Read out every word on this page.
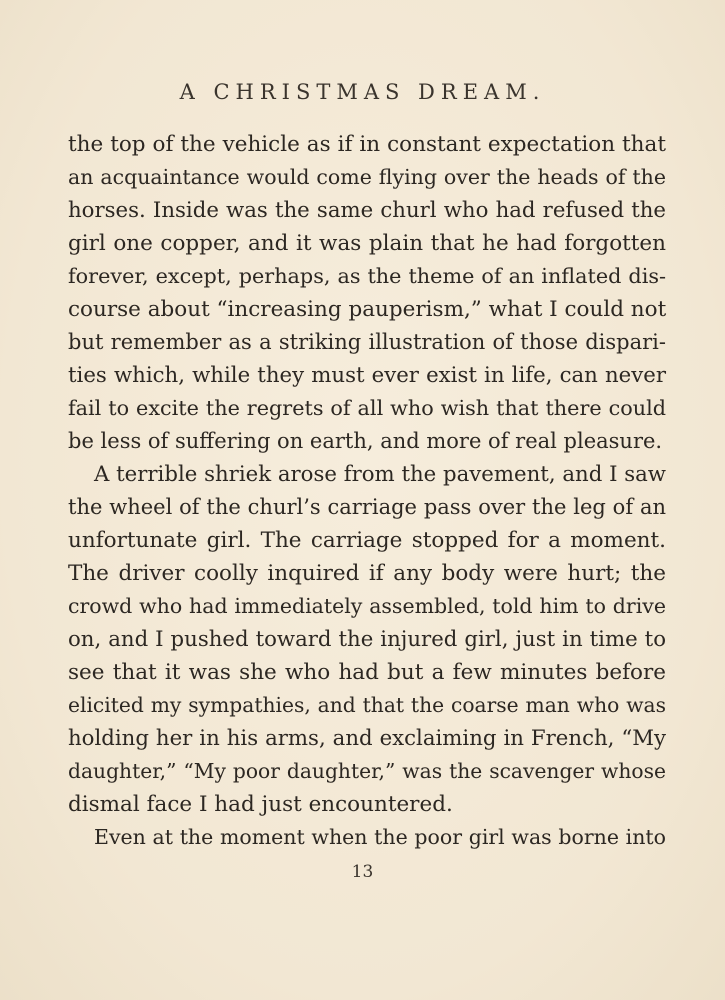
A CHRISTMAS DREAM.
the top of the vehicle as if in constant expectation that
an acquaintance would come flying over the heads of the
horses. Inside was the same churl who had refused the
girl one copper, and it was plain that he had forgotten
forever, except, perhaps, as the theme of an inflated dis-
course about “increasing pauperism,” what I could not
but remember as a striking illustration of those dispari-
ties which, while they must ever exist in life, can never
fail to excite the regrets of all who wish that there could
be less of suffering on earth, and more of real pleasure.
A terrible shriek arose from the pavement, and I saw
the wheel of the churl’s carriage pass over the leg of an
unfortunate girl. The carriage stopped for a moment.
The driver coolly inquired if any body were hurt; the
crowd who had immediately assembled, told him to drive
on, and I pushed toward the injured girl, just in time to
see that it was she who had but a few minutes before
elicited my sympathies, and that the coarse man who was
holding her in his arms, and exclaiming in French, “My
daughter,” “My poor daughter,” was the scavenger whose
dismal face I had just encountered.
Even at the moment when the poor girl was borne into
13
